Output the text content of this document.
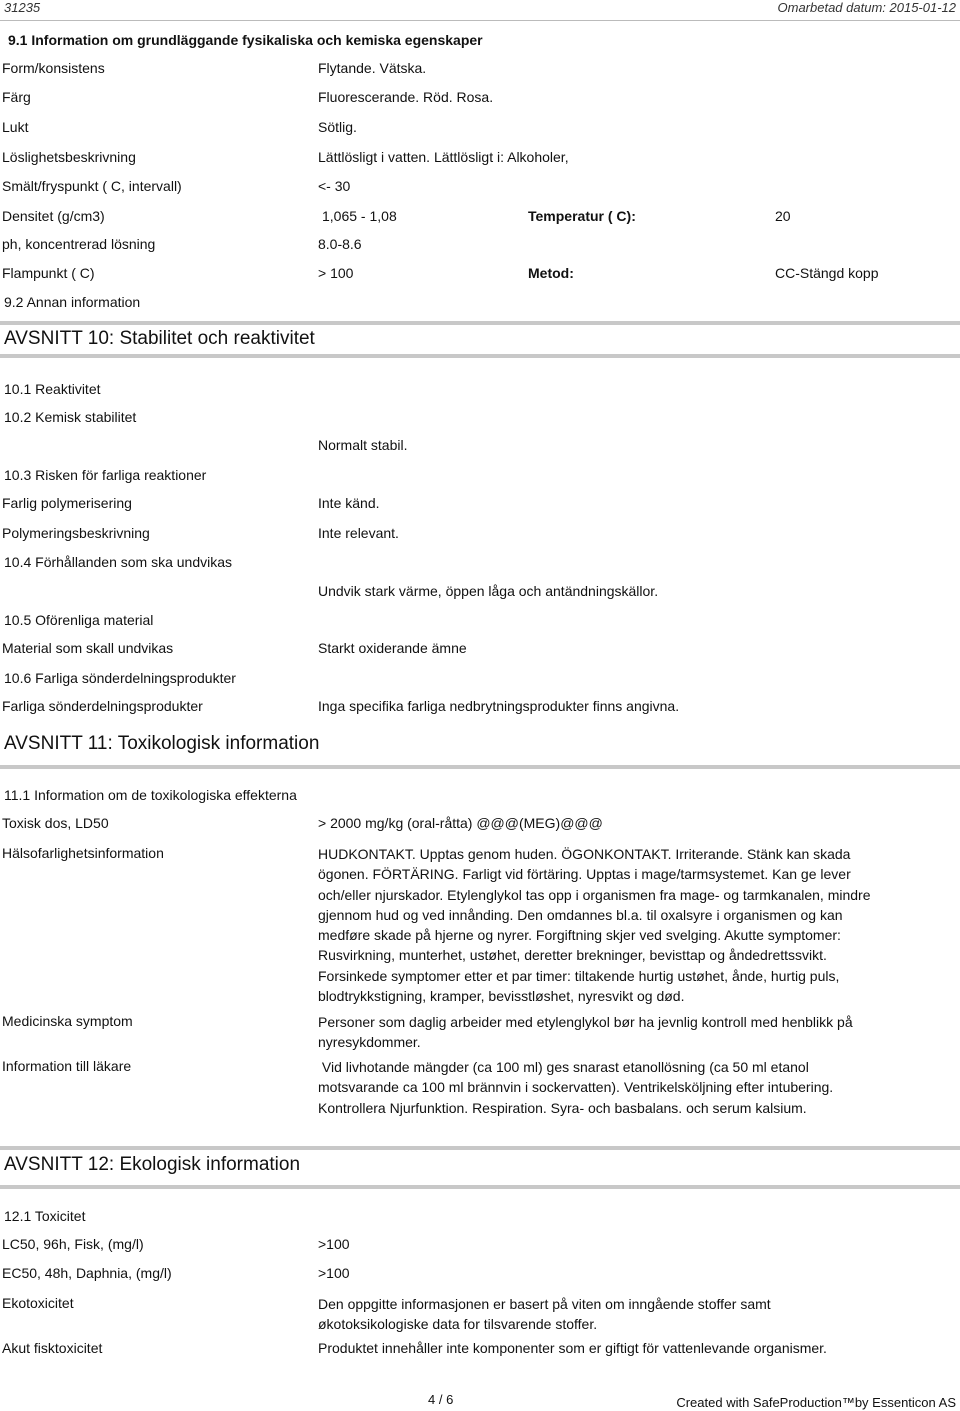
31235	Omarbetad datum: 2015-01-12
9.1 Information om grundläggande fysikaliska och kemiska egenskaper
Form/konsistens	Flytande. Vätska.
Färg	Fluorescerande. Röd. Rosa.
Lukt	Sötlig.
Löslighetsbeskrivning	Lättlösligt i vatten. Lättlösligt i: Alkoholer,
Smält/fryspunkt ( C, intervall)	<- 30
Densitet (g/cm3)	1,065 - 1,08	Temperatur ( C):	20
ph, koncentrerad lösning	8.0-8.6
Flampunkt ( C)	> 100	Metod:	CC-Stängd kopp
9.2 Annan information
AVSNITT 10: Stabilitet och reaktivitet
10.1 Reaktivitet
10.2 Kemisk stabilitet
Normalt stabil.
10.3 Risken för farliga reaktioner
Farlig polymerisering	Inte känd.
Polymeringsbeskrivning	Inte relevant.
10.4 Förhållanden som ska undvikas
Undvik stark värme, öppen låga och antändningskällor.
10.5 Oförenliga material
Material som skall undvikas	Starkt oxiderande ämne
10.6 Farliga sönderdelningsprodukter
Farliga sönderdelningsprodukter	Inga specifika farliga nedbrytningsprodukter finns angivna.
AVSNITT 11: Toxikologisk information
11.1 Information om de toxikologiska effekterna
Toxisk dos, LD50	> 2000 mg/kg (oral-råtta) @@@(MEG)@@@
Hälsofarlighetsinformation	HUDKONTAKT. Upptas genom huden. ÖGONKONTAKT. Irriterande. Stänk kan skada ögonen. FÖRTÄRING. Farligt vid förtäring. Upptas i mage/tarmsystemet. Kan ge lever och/eller njurskador. Etylenglykol tas opp i organismen fra mage- og tarmkanalen, mindre gjennom hud og ved innånding. Den omdannes bl.a. til oxalsyre i organismen og kan medføre skade på hjerne og nyrer. Forgiftning skjer ved svelging. Akutte symptomer: Rusvirkning, munterhet, ustøhet, deretter brekninger, bevisttap og åndedrettssvikt. Forsinkede symptomer etter et par timer: tiltakende hurtig ustøhet, ånde, hurtig puls, blodtrykkstigning, kramper, bevisstløshet, nyresvikt og død.
Medicinska symptom	Personer som daglig arbeider med etylenglykol bør ha jevnlig kontroll med henblikk på nyresykdommer.
Information till läkare	Vid livhotande mängder (ca 100 ml) ges snarast etanollösning (ca 50 ml etanol motsvarande ca 100 ml brännvin i sockervatten). Ventrikelsköljning efter intubering. Kontrollera Njurfunktion. Respiration. Syra- och basbalans. och serum kalsium.
AVSNITT 12: Ekologisk information
12.1 Toxicitet
LC50, 96h, Fisk, (mg/l)	>100
EC50, 48h, Daphnia, (mg/l)	>100
Ekotoxicitet	Den oppgitte informasjonen er basert på viten om inngående stoffer samt økotoksikologiske data for tilsvarende stoffer.
Akut fisktoxicitet	Produktet innehåller inte komponenter som er giftigt för vattenlevande organismer.
4 / 6	Created with SafeProduction™by Essenticon AS
